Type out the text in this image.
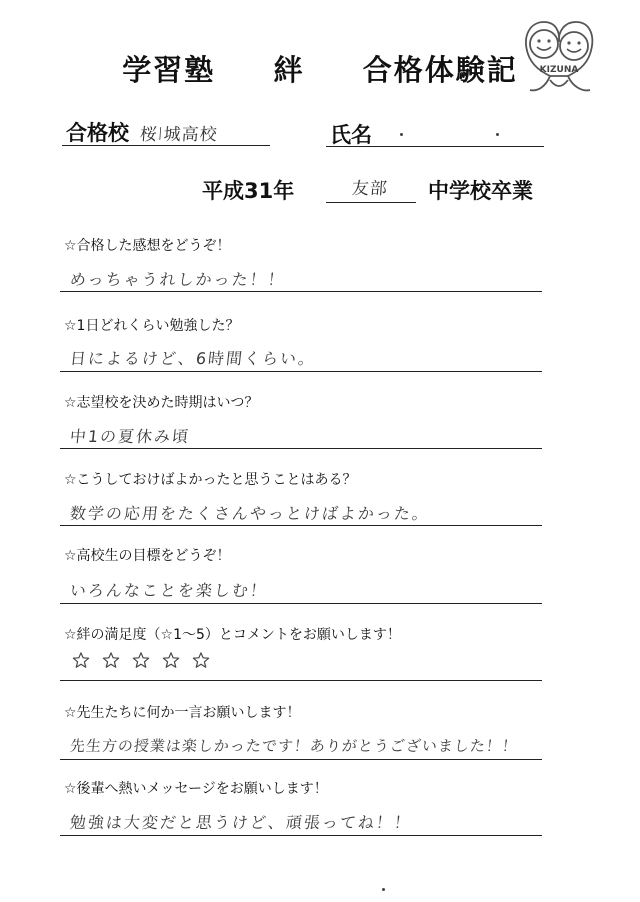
学習塾 絆 合格体験記	KIZUNA
合格校 桜l城高校	氏名
平成31年	友部 中学校卒業
☆合格した感想をどうぞ！
めっちゃうれしかった！！
☆1日どれくらい勉強した？
日によるけど、6時間くらい。
☆志望校を決めた時期はいつ？
中1の夏休み頃
☆こうしておけばよかったと思うことはある？
数学の応用をたくさんやっとけばよかった。
☆高校生の目標をどうぞ！
いろんなことを楽しむ！
☆絆の満足度（☆1～5）とコメントをお願いします！
☆先生たちに何か一言お願いします！
先生方の授業は楽しかったです！ありがとうございました！！
☆後輩へ熱いメッセージをお願いします！
勉強は大変だと思うけど、頑張ってね！！
